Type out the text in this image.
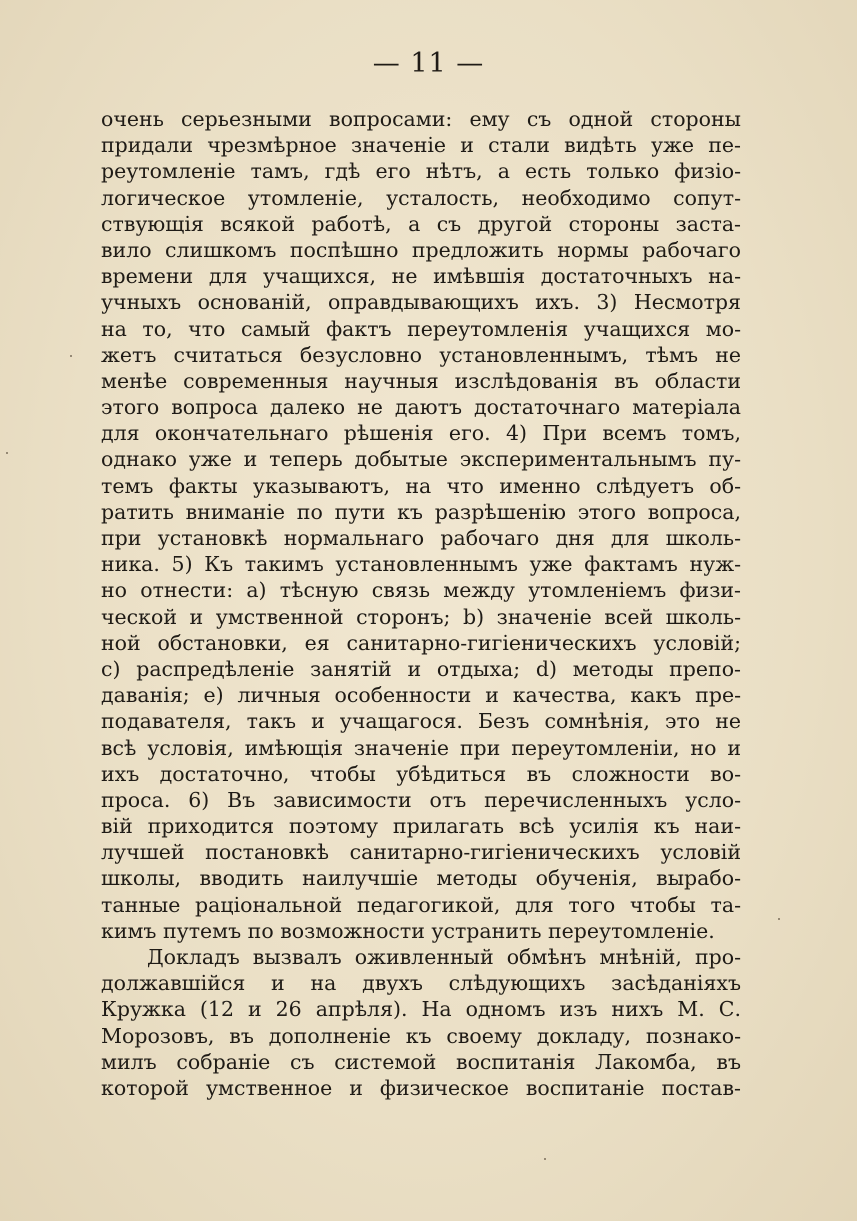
— 11 —
очень серьезными вопросами: ему съ одной стороны
придали чрезмѣрное значенiе и стали видѣть уже пе-
реутомленiе тамъ, гдѣ его нѣтъ, а есть только физiо-
логическое утомленiе, усталость, необходимо сопут-
ствующiя всякой работѣ, а съ другой стороны заста-
вило слишкомъ поспѣшно предложить нормы рабочаго
времени для учащихся, не имѣвшiя достаточныхъ на-
учныхъ основанiй, оправдывающихъ ихъ. 3) Несмотря
на то, что самый фактъ переутомленiя учащихся мо-
жетъ считаться безусловно установленнымъ, тѣмъ не
менѣе современныя научныя изслѣдованiя въ области
этого вопроса далеко не даютъ достаточнаго матерiала
для окончательнаго рѣшенiя его. 4) При всемъ томъ,
однако уже и теперь добытые экспериментальнымъ пу-
темъ факты указываютъ, на что именно слѣдуетъ об-
ратить вниманiе по пути къ разрѣшенiю этого вопроса,
при установкѣ нормальнаго рабочаго дня для школь-
ника. 5) Къ такимъ установленнымъ уже фактамъ нуж-
но отнести: а) тѣсную связь между утомленiемъ физи-
ческой и умственной сторонъ; b) значенiе всей школь-
ной обстановки, ея санитарно-гигiеническихъ условiй;
c) распредѣленiе занятiй и отдыха; d) методы препо-
даванiя; e) личныя особенности и качества, какъ пре-
подавателя, такъ и учащагося. Безъ сомнѣнiя, это не
всѣ условiя, имѣющiя значенiе при переутомленiи, но и
ихъ достаточно, чтобы убѣдиться въ сложности во-
проса. 6) Въ зависимости отъ перечисленныхъ усло-
вiй приходится поэтому прилагать всѣ усилiя къ наи-
лучшей постановкѣ санитарно-гигiеническихъ условiй
школы, вводить наилучшiе методы обученiя, вырабо-
танные рацiональной педагогикой, для того чтобы та-
кимъ путемъ по возможности устранить переутомленiе.
Докладъ вызвалъ оживленный обмѣнъ мнѣнiй, про-
должавшiйся и на двухъ слѣдующихъ засѣданiяхъ
Кружка (12 и 26 апрѣля). На одномъ изъ нихъ М. С.
Морозовъ, въ дополненiе къ своему докладу, познако-
милъ собранiе съ системой воспитанiя Лакомба, въ
которой умственное и физическое воспитанiе постав-
